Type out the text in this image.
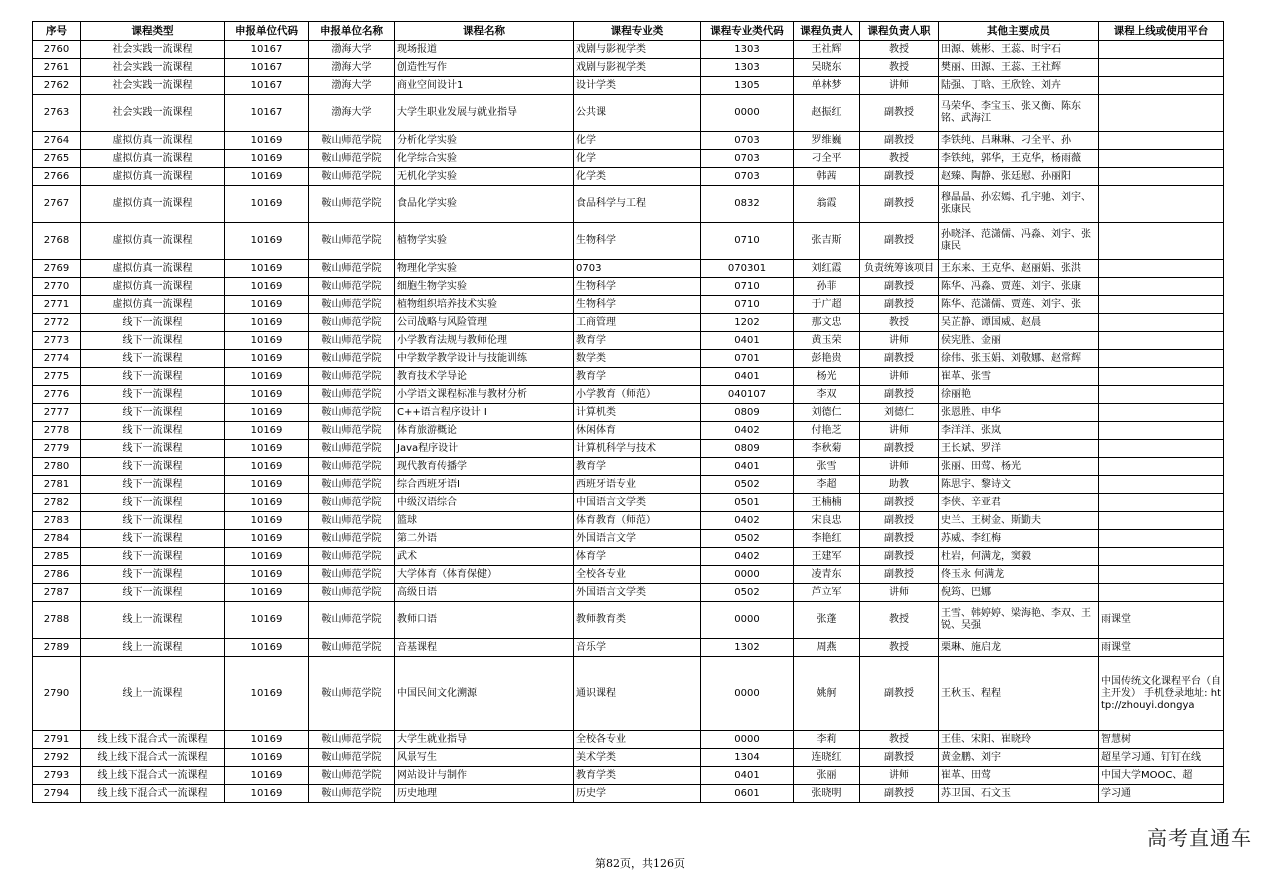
序号	课程类型	申报单位代码	申报单位名称	课程名称	课程专业类	课程专业类代码	课程负责人	课程负责人职	其他主要成员	课程上线或使用平台
2760	社会实践一流课程	10167	渤海大学	现场报道	戏剧与影视学类	1303	王社辉	教授	田源、姚彬、王蕊、时宇石	
2761	社会实践一流课程	10167	渤海大学	创造性写作	戏剧与影视学类	1303	吴晓东	教授	樊丽、田源、王蕊、王社辉	
2762	社会实践一流课程	10167	渤海大学	商业空间设计1	设计学类	1305	单林梦	讲师	陆强、丁晗、王欣铨、刘卉	
2763	社会实践一流课程	10167	渤海大学	大学生职业发展与就业指导	公共课	0000	赵振红	副教授	马荣华、李宝玉、张又衡、陈东铭、武海江	
2764	虚拟仿真一流课程	10169	鞍山师范学院	分析化学实验	化学	0703	罗维巍	副教授	李铁纯、吕琳琳、刁全平、孙	
2765	虚拟仿真一流课程	10169	鞍山师范学院	化学综合实验	化学	0703	刁全平	教授	李铁纯，郭华，王克华，杨雨薇	
2766	虚拟仿真一流课程	10169	鞍山师范学院	无机化学实验	化学类	0703	韩茜	副教授	赵臻、陶静、张廷慰、孙丽阳	
2767	虚拟仿真一流课程	10169	鞍山师范学院	食品化学实验	食品科学与工程	0832	翁霞	副教授	穆晶晶、孙宏嫣、孔宇驰、刘宇、张康民	
2768	虚拟仿真一流课程	10169	鞍山师范学院	植物学实验	生物科学	0710	张吉斯	副教授	孙晓泽、范潇儒、冯淼、刘宇、张康民	
2769	虚拟仿真一流课程	10169	鞍山师范学院	物理化学实验	0703	070301	刘红霞	负责统筹该项目	王东来、王克华、赵丽娟、张洪	
2770	虚拟仿真一流课程	10169	鞍山师范学院	细胞生物学实验	生物科学	0710	孙菲	副教授	陈华、冯淼、贾莲、刘宇、张康	
2771	虚拟仿真一流课程	10169	鞍山师范学院	植物组织培养技术实验	生物科学	0710	于广超	副教授	陈华、范潇儒、贾莲、刘宇、张	
2772	线下一流课程	10169	鞍山师范学院	公司战略与风险管理	工商管理	1202	那文忠	教授	吴芷静、谭国威、赵晨	
2773	线下一流课程	10169	鞍山师范学院	小学教育法规与教师伦理	教育学	0401	黄玉荣	讲师	侯宪胜、金丽	
2774	线下一流课程	10169	鞍山师范学院	中学数学教学设计与技能训练	数学类	0701	彭艳贵	副教授	徐伟、张玉娟、刘敬娜、赵常辉	
2775	线下一流课程	10169	鞍山师范学院	教育技术学导论	教育学	0401	杨光	讲师	崔革、张雪	
2776	线下一流课程	10169	鞍山师范学院	小学语文课程标准与教材分析	小学教育（师范）	040107	李双	副教授	徐丽艳	
2777	线下一流课程	10169	鞍山师范学院	C++语言程序设计 I	计算机类	0809	刘德仁	刘德仁	张恩胜、申华	
2778	线下一流课程	10169	鞍山师范学院	体育旅游概论	休闲体育	0402	付艳芝	讲师	李洋洋、张岚	
2779	线下一流课程	10169	鞍山师范学院	Java程序设计	计算机科学与技术	0809	李秋菊	副教授	王长斌、罗洋	
2780	线下一流课程	10169	鞍山师范学院	现代教育传播学	教育学	0401	张雪	讲师	张丽、田莺、杨光	
2781	线下一流课程	10169	鞍山师范学院	综合西班牙语I	西班牙语专业	0502	李超	助教	陈思宇、黎诗文	
2782	线下一流课程	10169	鞍山师范学院	中级汉语综合	中国语言文学类	0501	王楠楠	副教授	李侠、辛亚君	
2783	线下一流课程	10169	鞍山师范学院	篮球	体育教育（师范）	0402	宋良忠	副教授	史兰、王树金、斯勤夫	
2784	线下一流课程	10169	鞍山师范学院	第二外语	外国语言文学	0502	李艳红	副教授	苏威、李红梅	
2785	线下一流课程	10169	鞍山师范学院	武术	体育学	0402	王建军	副教授	杜岩，何满龙，窦毅	
2786	线下一流课程	10169	鞍山师范学院	大学体育（体育保健）	全校各专业	0000	凌青东	副教授	佟玉永 何满龙	
2787	线下一流课程	10169	鞍山师范学院	高级日语	外国语言文学类	0502	芦立军	讲师	倪筠、巴娜	
2788	线上一流课程	10169	鞍山师范学院	教师口语	教师教育类	0000	张蓬	教授	王雪、韩婷婷、梁海艳、李双、王锐、吴强	雨课堂
2789	线上一流课程	10169	鞍山师范学院	音基课程	音乐学	1302	周燕	教授	栗琳、施启龙	雨课堂
2790	线上一流课程	10169	鞍山师范学院	中国民间文化溯源	通识课程	0000	姚舸	副教授	王秋玉、程程	中国传统文化课程平台（自主开发） 手机登录地址: http://zhouyi.dongya
2791	线上线下混合式一流课程	10169	鞍山师范学院	大学生就业指导	全校各专业	0000	李莉	教授	王佳、宋阳、崔晓玲	智慧树
2792	线上线下混合式一流课程	10169	鞍山师范学院	风景写生	美术学类	1304	连晓红	副教授	黄金鹏、刘宇	超星学习通、钉钉在线
2793	线上线下混合式一流课程	10169	鞍山师范学院	网站设计与制作	教育学类	0401	张丽	讲师	崔革、田莺	中国大学MOOC、超
2794	线上线下混合式一流课程	10169	鞍山师范学院	历史地理	历史学	0601	张晓明	副教授	苏卫国、石文玉	学习通
高考直通车
第82页，共126页
